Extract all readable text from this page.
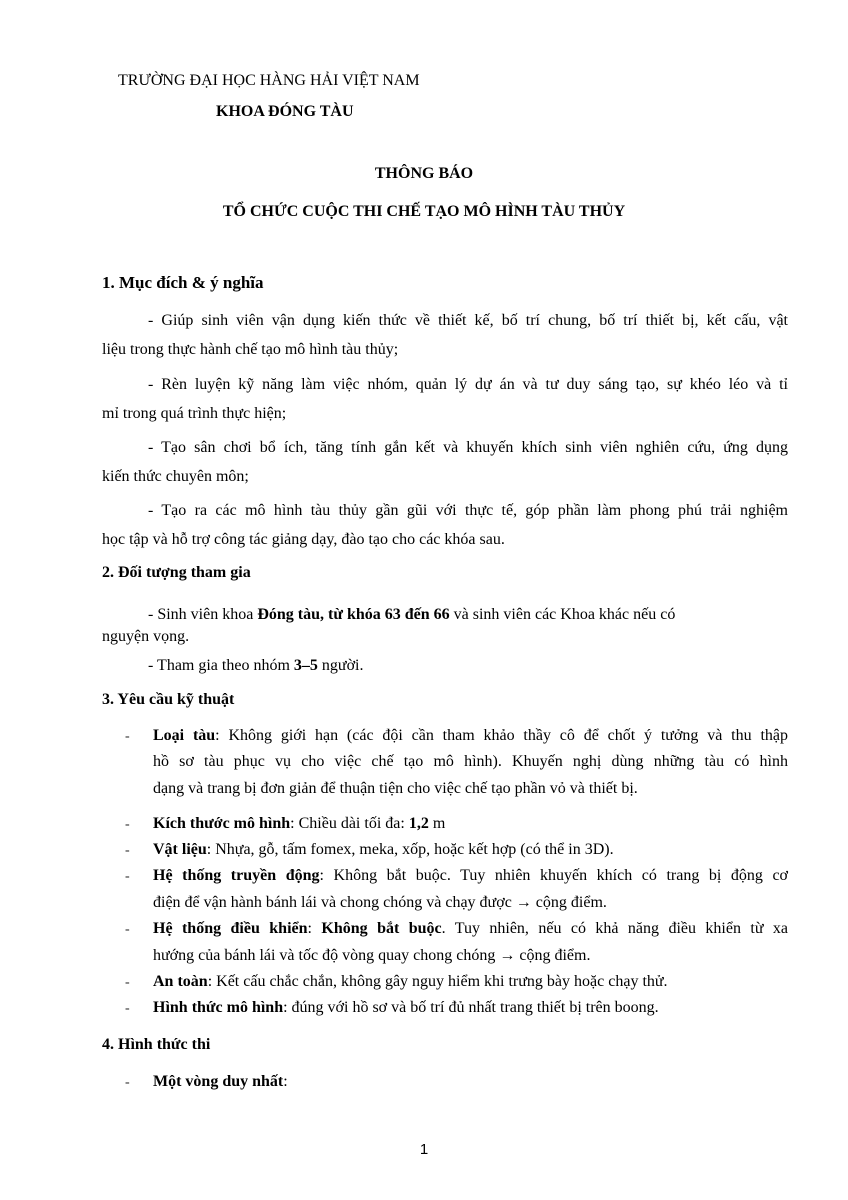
TRƯỜNG ĐẠI HỌC HÀNG HẢI VIỆT NAM
KHOA ĐÓNG TÀU
THÔNG BÁO
TỔ CHỨC CUỘC THI CHẾ TẠO MÔ HÌNH TÀU THỦY
1. Mục đích & ý nghĩa
- Giúp sinh viên vận dụng kiến thức về thiết kế, bố trí chung, bố trí thiết bị, kết cấu, vật
liệu trong thực hành chế tạo mô hình tàu thủy;
- Rèn luyện kỹ năng làm việc nhóm, quản lý dự án và tư duy sáng tạo, sự khéo léo và tỉ
mỉ trong quá trình thực hiện;
- Tạo sân chơi bổ ích, tăng tính gắn kết và khuyến khích sinh viên nghiên cứu, ứng dụng
kiến thức chuyên môn;
- Tạo ra các mô hình tàu thủy gần gũi với thực tế, góp phần làm phong phú trải nghiệm
học tập và hỗ trợ công tác giảng dạy, đào tạo cho các khóa sau.
2. Đối tượng tham gia
- Sinh viên khoa Đóng tàu, từ khóa 63 đến 66 và sinh viên các Khoa khác nếu có
nguyện vọng.
- Tham gia theo nhóm 3–5 người.
3. Yêu cầu kỹ thuật
- Loại tàu: Không giới hạn (các đội cần tham khảo thầy cô để chốt ý tưởng và thu thập
hồ sơ tàu phục vụ cho việc chế tạo mô hình). Khuyến nghị dùng những tàu có hình
dạng và trang bị đơn giản để thuận tiện cho việc chế tạo phần vỏ và thiết bị.
- Kích thước mô hình: Chiều dài tối đa: 1,2 m
- Vật liệu: Nhựa, gỗ, tấm fomex, meka, xốp, hoặc kết hợp (có thể in 3D).
- Hệ thống truyền động: Không bắt buộc. Tuy nhiên khuyến khích có trang bị động cơ
điện để vận hành bánh lái và chong chóng và chạy được → cộng điểm.
- Hệ thống điều khiển: Không bắt buộc. Tuy nhiên, nếu có khả năng điều khiển từ xa
hướng của bánh lái và tốc độ vòng quay chong chóng → cộng điểm.
- An toàn: Kết cấu chắc chắn, không gây nguy hiểm khi trưng bày hoặc chạy thử.
- Hình thức mô hình: đúng với hồ sơ và bố trí đủ nhất trang thiết bị trên boong.
4. Hình thức thi
- Một vòng duy nhất:
1
